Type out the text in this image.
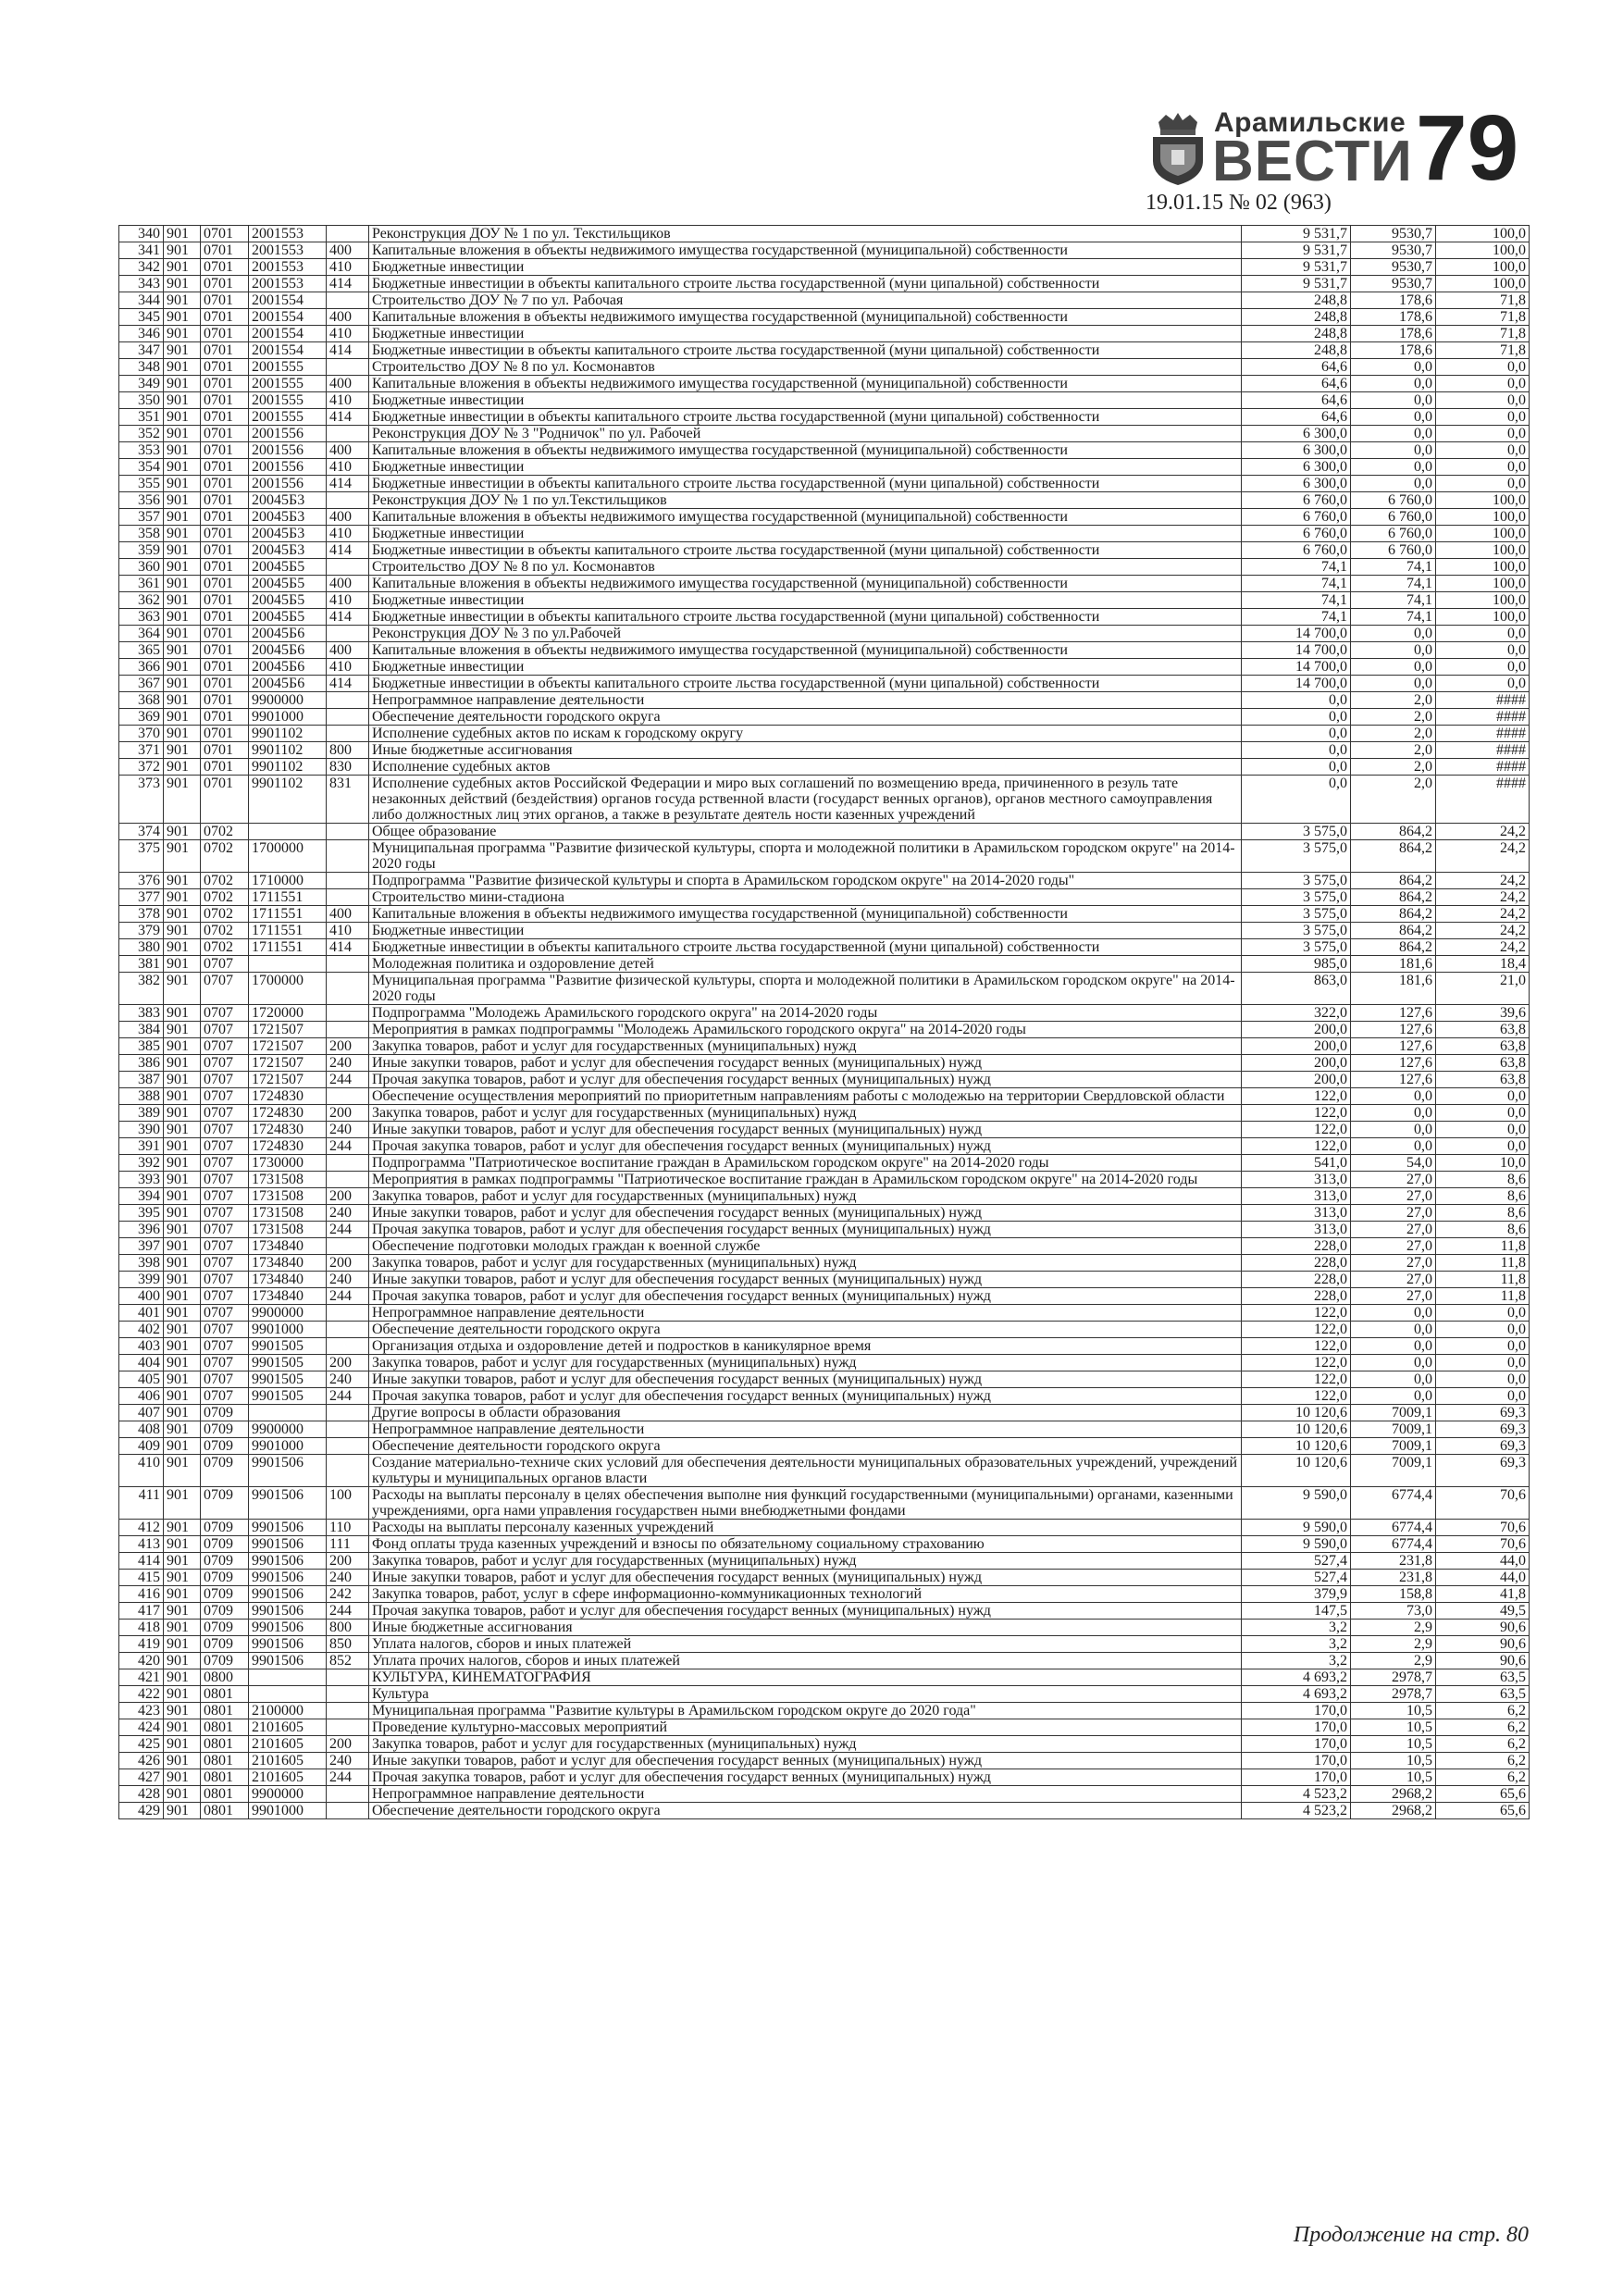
Арамильские
ВЕСТИ
19.01.15 № 02 (963)
79
340	901	0701	2001553		Реконструкция ДОУ № 1 по ул. Текстильщиков	9 531,7	9530,7	100,0
341	901	0701	2001553	400	Капитальные вложения в объекты недвижимого имущества государственной (муниципальной) собственности	9 531,7	9530,7	100,0
342	901	0701	2001553	410	Бюджетные инвестиции	9 531,7	9530,7	100,0
343	901	0701	2001553	414	Бюджетные инвестиции в объекты капитального строите льства государственной (муни ципальной) собственности	9 531,7	9530,7	100,0
344	901	0701	2001554		Строительство ДОУ № 7 по ул. Рабочая	248,8	178,6	71,8
345	901	0701	2001554	400	Капитальные вложения в объекты недвижимого имущества государственной (муниципальной) собственности	248,8	178,6	71,8
346	901	0701	2001554	410	Бюджетные инвестиции	248,8	178,6	71,8
347	901	0701	2001554	414	Бюджетные инвестиции в объекты капитального строите льства государственной (муни ципальной) собственности	248,8	178,6	71,8
348	901	0701	2001555		Строительство ДОУ № 8 по ул. Космонавтов	64,6	0,0	0,0
349	901	0701	2001555	400	Капитальные вложения в объекты недвижимого имущества государственной (муниципальной) собственности	64,6	0,0	0,0
350	901	0701	2001555	410	Бюджетные инвестиции	64,6	0,0	0,0
351	901	0701	2001555	414	Бюджетные инвестиции в объекты капитального строите льства государственной (муни ципальной) собственности	64,6	0,0	0,0
352	901	0701	2001556		Реконструкция ДОУ № 3 "Родничок" по ул. Рабочей	6 300,0	0,0	0,0
353	901	0701	2001556	400	Капитальные вложения в объекты недвижимого имущества государственной (муниципальной) собственности	6 300,0	0,0	0,0
354	901	0701	2001556	410	Бюджетные инвестиции	6 300,0	0,0	0,0
355	901	0701	2001556	414	Бюджетные инвестиции в объекты капитального строите льства государственной (муни ципальной) собственности	6 300,0	0,0	0,0
356	901	0701	20045Б3		Реконструкция ДОУ № 1 по ул.Текстильщиков	6 760,0	6 760,0	100,0
357	901	0701	20045Б3	400	Капитальные вложения в объекты недвижимого имущества государственной (муниципальной) собственности	6 760,0	6 760,0	100,0
358	901	0701	20045Б3	410	Бюджетные инвестиции	6 760,0	6 760,0	100,0
359	901	0701	20045Б3	414	Бюджетные инвестиции в объекты капитального строите льства государственной (муни ципальной) собственности	6 760,0	6 760,0	100,0
360	901	0701	20045Б5		Строительство ДОУ № 8 по ул. Космонавтов	74,1	74,1	100,0
361	901	0701	20045Б5	400	Капитальные вложения в объекты недвижимого имущества государственной (муниципальной) собственности	74,1	74,1	100,0
362	901	0701	20045Б5	410	Бюджетные инвестиции	74,1	74,1	100,0
363	901	0701	20045Б5	414	Бюджетные инвестиции в объекты капитального строите льства государственной (муни ципальной) собственности	74,1	74,1	100,0
364	901	0701	20045Б6		Реконструкция ДОУ № 3 по ул.Рабочей	14 700,0	0,0	0,0
365	901	0701	20045Б6	400	Капитальные вложения в объекты недвижимого имущества государственной (муниципальной) собственности	14 700,0	0,0	0,0
366	901	0701	20045Б6	410	Бюджетные инвестиции	14 700,0	0,0	0,0
367	901	0701	20045Б6	414	Бюджетные инвестиции в объекты капитального строите льства государственной (муни ципальной) собственности	14 700,0	0,0	0,0
368	901	0701	9900000		Непрограммное направление деятельности	0,0	2,0	####
369	901	0701	9901000		Обеспечение деятельности городского округа	0,0	2,0	####
370	901	0701	9901102		Исполнение судебных актов по искам к городскому округу	0,0	2,0	####
371	901	0701	9901102	800	Иные бюджетные ассигнования	0,0	2,0	####
372	901	0701	9901102	830	Исполнение судебных актов	0,0	2,0	####
373	901	0701	9901102	831	Исполнение судебных актов Российской Федерации и миро вых соглашений по возмещению вреда, причиненного в резуль тате незаконных действий (бездействия) органов госуда рственной власти (государст венных органов), органов местного самоуправления либо должностных лиц этих органов, а также в результате деятель ности казенных учреждений	0,0	2,0	####
374	901	0702			Общее образование	3 575,0	864,2	24,2
375	901	0702	1700000		Муниципальная программа "Развитие физической культуры, спорта и молодежной политики в Арамильском городском округе" на 2014-2020 годы	3 575,0	864,2	24,2
376	901	0702	1710000		Подпрограмма "Развитие физической культуры и спорта в Арамильском городском округе" на 2014-2020 годы"	3 575,0	864,2	24,2
377	901	0702	1711551		Строительство мини-стадиона	3 575,0	864,2	24,2
378	901	0702	1711551	400	Капитальные вложения в объекты недвижимого имущества государственной (муниципальной) собственности	3 575,0	864,2	24,2
379	901	0702	1711551	410	Бюджетные инвестиции	3 575,0	864,2	24,2
380	901	0702	1711551	414	Бюджетные инвестиции в объекты капитального строите льства государственной (муни ципальной) собственности	3 575,0	864,2	24,2
381	901	0707			Молодежная политика и оздоровление детей	985,0	181,6	18,4
382	901	0707	1700000		Муниципальная программа "Развитие физической культуры, спорта и молодежной политики в Арамильском городском округе" на 2014-2020 годы	863,0	181,6	21,0
383	901	0707	1720000		Подпрограмма "Молодежь Арамильского городского округа" на 2014-2020 годы	322,0	127,6	39,6
384	901	0707	1721507		Мероприятия в рамках подпрограммы "Молодежь Арамильского городского округа" на 2014-2020 годы	200,0	127,6	63,8
385	901	0707	1721507	200	Закупка товаров, работ и услуг для государственных (муниципальных) нужд	200,0	127,6	63,8
386	901	0707	1721507	240	Иные закупки товаров, работ и услуг для обеспечения государст венных (муниципальных) нужд	200,0	127,6	63,8
387	901	0707	1721507	244	Прочая закупка товаров, работ и услуг для обеспечения государст венных (муниципальных) нужд	200,0	127,6	63,8
388	901	0707	1724830		Обеспечение осуществления мероприятий по приоритетным направлениям работы с молодежью на территории Свердловской области	122,0	0,0	0,0
389	901	0707	1724830	200	Закупка товаров, работ и услуг для государственных (муниципальных) нужд	122,0	0,0	0,0
390	901	0707	1724830	240	Иные закупки товаров, работ и услуг для обеспечения государст венных (муниципальных) нужд	122,0	0,0	0,0
391	901	0707	1724830	244	Прочая закупка товаров, работ и услуг для обеспечения государст венных (муниципальных) нужд	122,0	0,0	0,0
392	901	0707	1730000		Подпрограмма "Патриотическое воспитание граждан в Арамильском городском округе" на 2014-2020 годы	541,0	54,0	10,0
393	901	0707	1731508		Мероприятия в рамках подпрограммы "Патриотическое воспитание граждан в Арамильском городском округе" на 2014-2020 годы	313,0	27,0	8,6
394	901	0707	1731508	200	Закупка товаров, работ и услуг для государственных (муниципальных) нужд	313,0	27,0	8,6
395	901	0707	1731508	240	Иные закупки товаров, работ и услуг для обеспечения государст венных (муниципальных) нужд	313,0	27,0	8,6
396	901	0707	1731508	244	Прочая закупка товаров, работ и услуг для обеспечения государст венных (муниципальных) нужд	313,0	27,0	8,6
397	901	0707	1734840		Обеспечение подготовки молодых граждан к военной службе	228,0	27,0	11,8
398	901	0707	1734840	200	Закупка товаров, работ и услуг для государственных (муниципальных) нужд	228,0	27,0	11,8
399	901	0707	1734840	240	Иные закупки товаров, работ и услуг для обеспечения государст венных (муниципальных) нужд	228,0	27,0	11,8
400	901	0707	1734840	244	Прочая закупка товаров, работ и услуг для обеспечения государст венных (муниципальных) нужд	228,0	27,0	11,8
401	901	0707	9900000		Непрограммное направление деятельности	122,0	0,0	0,0
402	901	0707	9901000		Обеспечение деятельности городского округа	122,0	0,0	0,0
403	901	0707	9901505		Организация отдыха и оздоровление детей и подростков в каникулярное время	122,0	0,0	0,0
404	901	0707	9901505	200	Закупка товаров, работ и услуг для государственных (муниципальных) нужд	122,0	0,0	0,0
405	901	0707	9901505	240	Иные закупки товаров, работ и услуг для обеспечения государст венных (муниципальных) нужд	122,0	0,0	0,0
406	901	0707	9901505	244	Прочая закупка товаров, работ и услуг для обеспечения государст венных (муниципальных) нужд	122,0	0,0	0,0
407	901	0709			Другие вопросы в области образования	10 120,6	7009,1	69,3
408	901	0709	9900000		Непрограммное направление деятельности	10 120,6	7009,1	69,3
409	901	0709	9901000		Обеспечение деятельности городского округа	10 120,6	7009,1	69,3
410	901	0709	9901506		Создание материально-техниче ских условий для обеспечения деятельности муниципальных образовательных учреждений, учреждений культуры и муниципальных органов власти	10 120,6	7009,1	69,3
411	901	0709	9901506	100	Расходы на выплаты персоналу в целях обеспечения выполне ния функций государственными (муниципальными) органами, казенными учреждениями, орга нами управления государствен ными внебюджетными фондами	9 590,0	6774,4	70,6
412	901	0709	9901506	110	Расходы на выплаты персоналу казенных учреждений	9 590,0	6774,4	70,6
413	901	0709	9901506	111	Фонд оплаты труда казенных учреждений и взносы по обязательному социальному страхованию	9 590,0	6774,4	70,6
414	901	0709	9901506	200	Закупка товаров, работ и услуг для государственных (муниципальных) нужд	527,4	231,8	44,0
415	901	0709	9901506	240	Иные закупки товаров, работ и услуг для обеспечения государст венных (муниципальных) нужд	527,4	231,8	44,0
416	901	0709	9901506	242	Закупка товаров, работ, услуг в сфере информационно-коммуникационных технологий	379,9	158,8	41,8
417	901	0709	9901506	244	Прочая закупка товаров, работ и услуг для обеспечения государст венных (муниципальных) нужд	147,5	73,0	49,5
418	901	0709	9901506	800	Иные бюджетные ассигнования	3,2	2,9	90,6
419	901	0709	9901506	850	Уплата налогов, сборов и иных платежей	3,2	2,9	90,6
420	901	0709	9901506	852	Уплата прочих налогов, сборов и иных платежей	3,2	2,9	90,6
421	901	0800			КУЛЬТУРА, КИНЕМАТОГРАФИЯ	4 693,2	2978,7	63,5
422	901	0801			Культура	4 693,2	2978,7	63,5
423	901	0801	2100000		Муниципальная программа "Развитие культуры в Арамильском городском округе до 2020 года"	170,0	10,5	6,2
424	901	0801	2101605		Проведение культурно-массовых мероприятий	170,0	10,5	6,2
425	901	0801	2101605	200	Закупка товаров, работ и услуг для государственных (муниципальных) нужд	170,0	10,5	6,2
426	901	0801	2101605	240	Иные закупки товаров, работ и услуг для обеспечения государст венных (муниципальных) нужд	170,0	10,5	6,2
427	901	0801	2101605	244	Прочая закупка товаров, работ и услуг для обеспечения государст венных (муниципальных) нужд	170,0	10,5	6,2
428	901	0801	9900000		Непрограммное направление деятельности	4 523,2	2968,2	65,6
429	901	0801	9901000		Обеспечение деятельности городского округа	4 523,2	2968,2	65,6
Продолжение на стр. 80
